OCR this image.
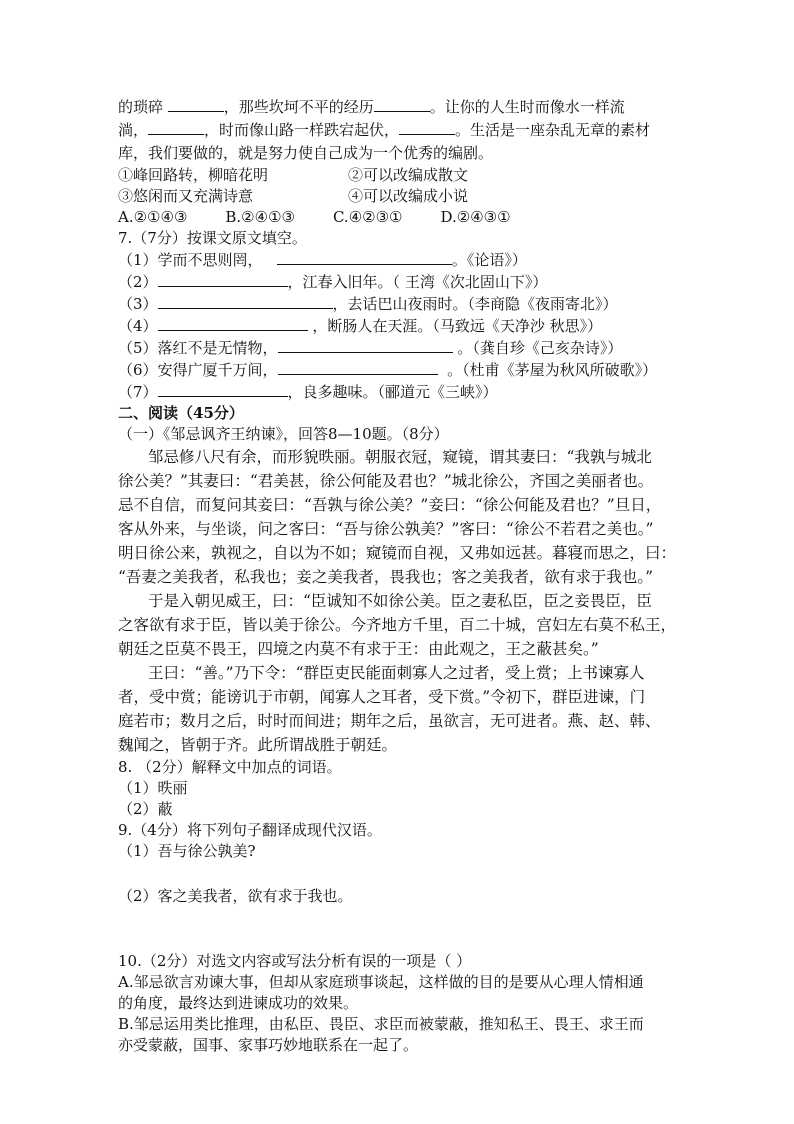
的琐碎	，那些坎坷不平的经历	。让你的人生时而像水一样流
淌，	，时而像山路一样跌宕起伏，	。生活是一座杂乱无章的素材
库，我们要做的，就是努力使自己成为一个优秀的编剧。
①峰回路转，柳暗花明	②可以改编成散文
③悠闲而又充满诗意	④可以改编成小说
A.②①④③	B.②④①③	C.④②③①	D.②④③①
7.（7分）按课文原文填空。
（1）学而不思则罔，	。《论语》）
（2）	，江春入旧年。（ 王湾《次北固山下》）
（3）	，去话巴山夜雨时。（李商隐《夜雨寄北》）
（4）	，断肠人在天涯。（马致远《天净沙 秋思》）
（5）落红不是无情物，	。（龚自珍《己亥杂诗》）
（6）安得广厦千万间，	。（杜甫《茅屋为秋风所破歌》）
（7）	，良多趣味。（郦道元《三峡》）
二、阅读（45分）
（一）《邹忌讽齐王纳谏》，回答8—10题。（8分）
邹忌修八尺有余，而形貌昳丽。朝服衣冠，窥镜，谓其妻曰：“我孰与城北
徐公美？”其妻曰：“君美甚，徐公何能及君也？”城北徐公，齐国之美丽者也。
忌不自信，而复问其妾曰：“吾孰与徐公美？”妾曰：“徐公何能及君也？”旦日，
客从外来，与坐谈，问之客曰：“吾与徐公孰美？”客曰：“徐公不若君之美也。”
明日徐公来，孰视之，自以为不如；窥镜而自视，又弗如远甚。暮寝而思之，曰：
“吾妻之美我者，私我也；妾之美我者，畏我也；客之美我者，欲有求于我也。”
于是入朝见威王，曰：“臣诚知不如徐公美。臣之妻私臣，臣之妾畏臣，臣
之客欲有求于臣，皆以美于徐公。今齐地方千里，百二十城，宫妇左右莫不私王，
朝廷之臣莫不畏王，四境之内莫不有求于王：由此观之，王之蔽甚矣。”
王曰：“善。”乃下令：“群臣吏民能面刺寡人之过者，受上赏；上书谏寡人
者，受中赏；能谤讥于市朝，闻寡人之耳者，受下赏。”令初下，群臣进谏，门
庭若市；数月之后，时时而间进；期年之后，虽欲言，无可进者。燕、赵、韩、
魏闻之，皆朝于齐。此所谓战胜于朝廷。
8. （2分）解释文中加点的词语。
（1）昳丽
（2）蔽
9.（4分）将下列句子翻译成现代汉语。
（1）吾与徐公孰美?
（2）客之美我者，欲有求于我也。
10.（2分）对选文内容或写法分析有误的一项是（ ）
A.邹忌欲言劝谏大事，但却从家庭琐事谈起，这样做的目的是要从心理人情相通
的角度，最终达到进谏成功的效果。
B.邹忌运用类比推理，由私臣、畏臣、求臣而被蒙蔽，推知私王、畏王、求王而
亦受蒙蔽，国事、家事巧妙地联系在一起了。
